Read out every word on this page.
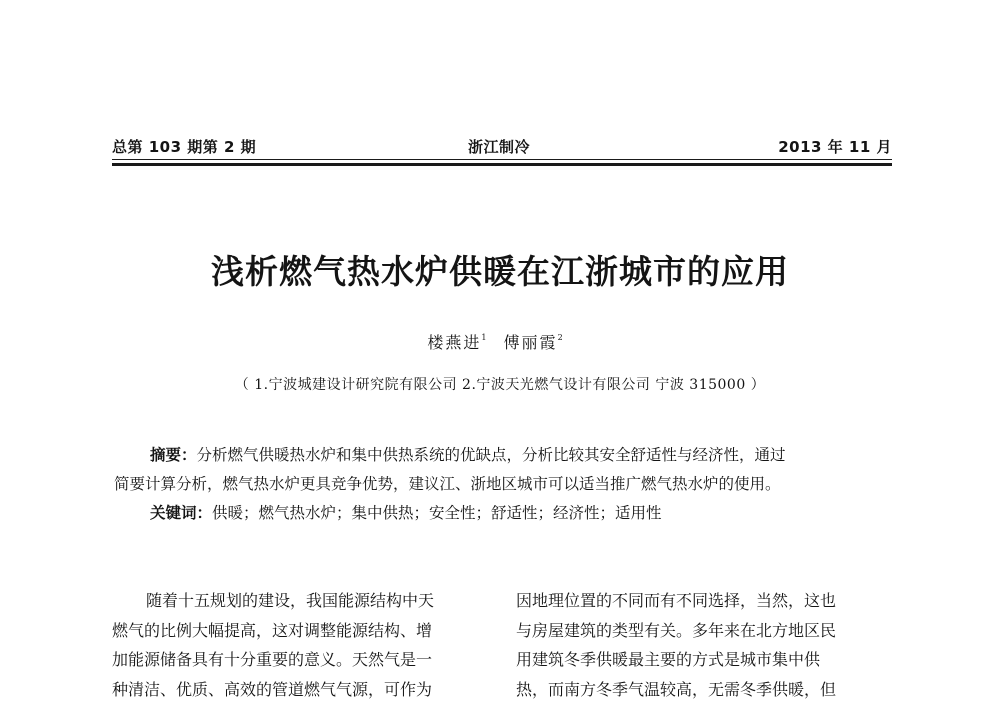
总第 103 期第 2 期	浙江制冷	2013 年 11 月
浅析燃气热水炉供暖在江浙城市的应用
楼燕进$^1$ 傅丽霞$^2$
（ 1.宁波城建设计研究院有限公司 2.宁波天光燃气设计有限公司 宁波 315000 ）
摘要：分析燃气供暖热水炉和集中供热系统的优缺点，分析比较其安全舒适性与经济性，通过
简要计算分析，燃气热水炉更具竞争优势，建议江、浙地区城市可以适当推广燃气热水炉的使用。
关键词：供暖；燃气热水炉；集中供热；安全性；舒适性；经济性；适用性
随着十五规划的建设，我国能源结构中天
燃气的比例大幅提高，这对调整能源结构、增
加能源储备具有十分重要的意义。天然气是一
种清洁、优质、高效的管道燃气气源，可作为
因地理位置的不同而有不同选择，当然，这也
与房屋建筑的类型有关。多年来在北方地区民
用建筑冬季供暖最主要的方式是城市集中供
热，而南方冬季气温较高，无需冬季供暖，但
